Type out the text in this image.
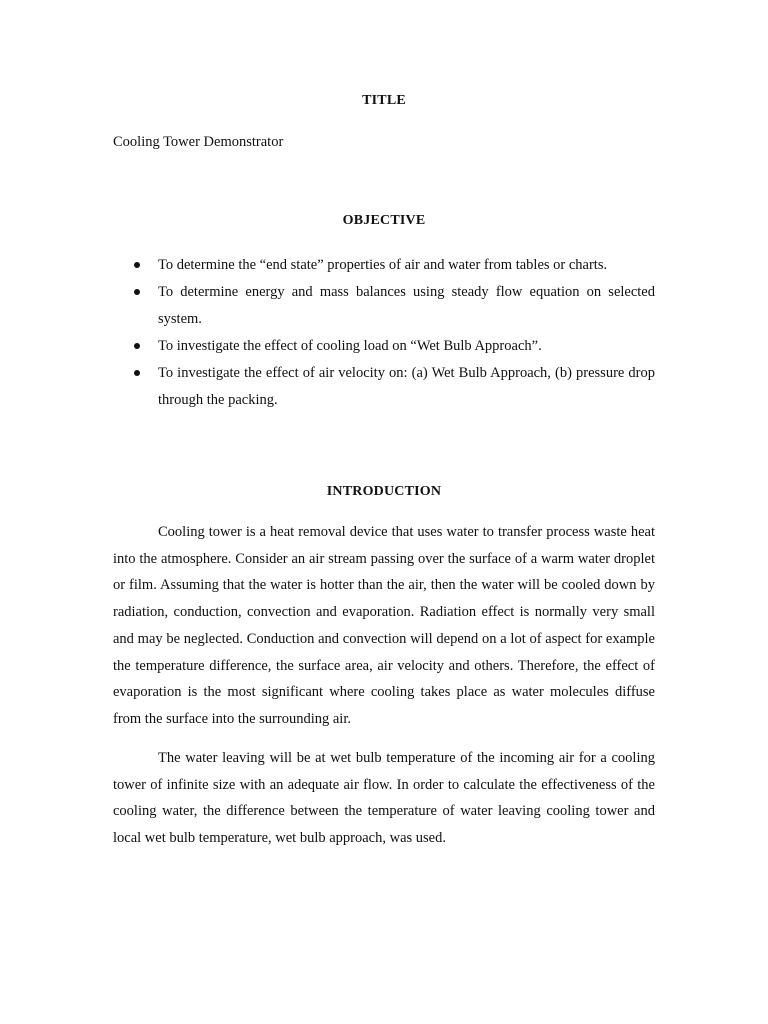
TITLE
Cooling Tower Demonstrator
OBJECTIVE
To determine the “end state” properties of air and water from tables or charts.
To determine energy and mass balances using steady flow equation on selected system.
To investigate the effect of cooling load on “Wet Bulb Approach”.
To investigate the effect of air velocity on: (a) Wet Bulb Approach, (b) pressure drop through the packing.
INTRODUCTION

Cooling tower is a heat removal device that uses water to transfer process waste heat into the atmosphere. Consider an air stream passing over the surface of a warm water droplet or film. Assuming that the water is hotter than the air, then the water will be cooled down by radiation, conduction, convection and evaporation. Radiation effect is normally very small and may be neglected. Conduction and convection will depend on a lot of aspect for example the temperature difference, the surface area, air velocity and others. Therefore, the effect of evaporation is the most significant where cooling takes place as water molecules diffuse from the surface into the surrounding air.

The water leaving will be at wet bulb temperature of the incoming air for a cooling tower of infinite size with an adequate air flow. In order to calculate the effectiveness of the cooling water, the difference between the temperature of water leaving cooling tower and local wet bulb temperature, wet bulb approach, was used.
